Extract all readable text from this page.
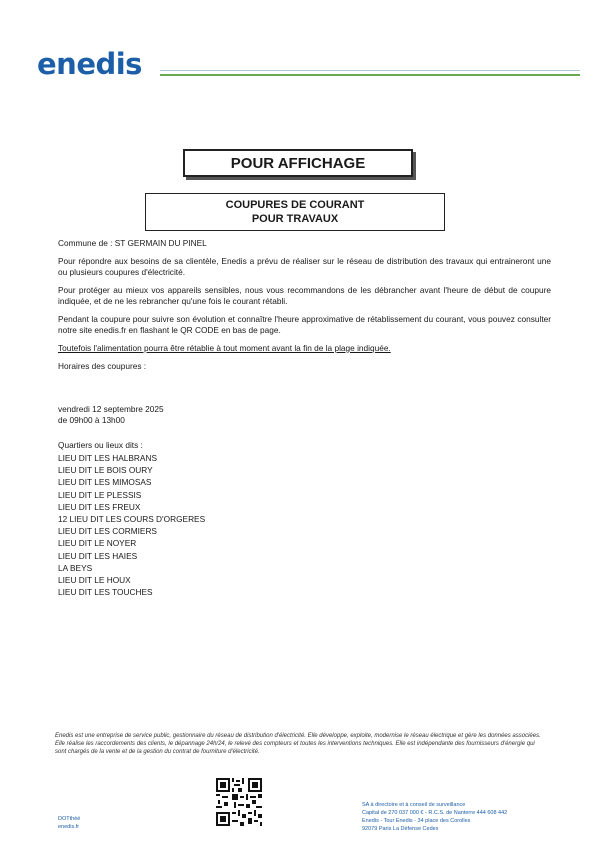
enedis
POUR AFFICHAGE
COUPURES DE COURANT
POUR TRAVAUX

Commune de : ST GERMAIN DU PINEL

Pour répondre aux besoins de sa clientèle, Enedis a prévu de réaliser sur le réseau de distribution des travaux qui entraineront une ou plusieurs coupures d'électricité.

Pour protéger au mieux vos appareils sensibles, nous vous recommandons de les débrancher avant l'heure de début de coupure indiquée, et de ne les rebrancher qu'une fois le courant rétabli.

Pendant la coupure pour suivre son évolution et connaître l'heure approximative de rétablissement du courant, vous pouvez consulter notre site enedis.fr en flashant le QR CODE en bas de page.

Toutefois l'alimentation pourra être rétablie à tout moment avant la fin de la plage indiquée.

Horaires des coupures :

vendredi 12 septembre 2025
de 09h00 à 13h00
Quartiers ou lieux dits :
LIEU DIT LES HALBRANS
LIEU DIT LE BOIS OURY
LIEU DIT LES MIMOSAS
LIEU DIT LE PLESSIS
LIEU DIT LES FREUX
12 LIEU DIT LES COURS D'ORGERES
LIEU DIT LES CORMIERS
LIEU DIT LE NOYER
LIEU DIT LES HAIES
LA BEYS
LIEU DIT LE HOUX
LIEU DIT LES TOUCHES
Enedis est une entreprise de service public, gestionnaire du réseau de distribution d'électricité. Elle développe, exploite, modernise le réseau électrique et gère les données associées. Elle réalise les raccordements des clients, le dépannage 24h/24, le relevé des compteurs et toutes les interventions techniques. Elle est indépendante des fournisseurs d'énergie qui sont chargés de la vente et de la gestion du contrat de fourniture d'électricité.
DOTthèé
enedis.fr
SA à directoire et à conseil de surveillance
Capital de 270 037 000 € - R.C.S. de Nanterre 444 608 442
Enedis - Tour Enedis - 34 place des Corolles
92079 Paris La Défense Cedex
